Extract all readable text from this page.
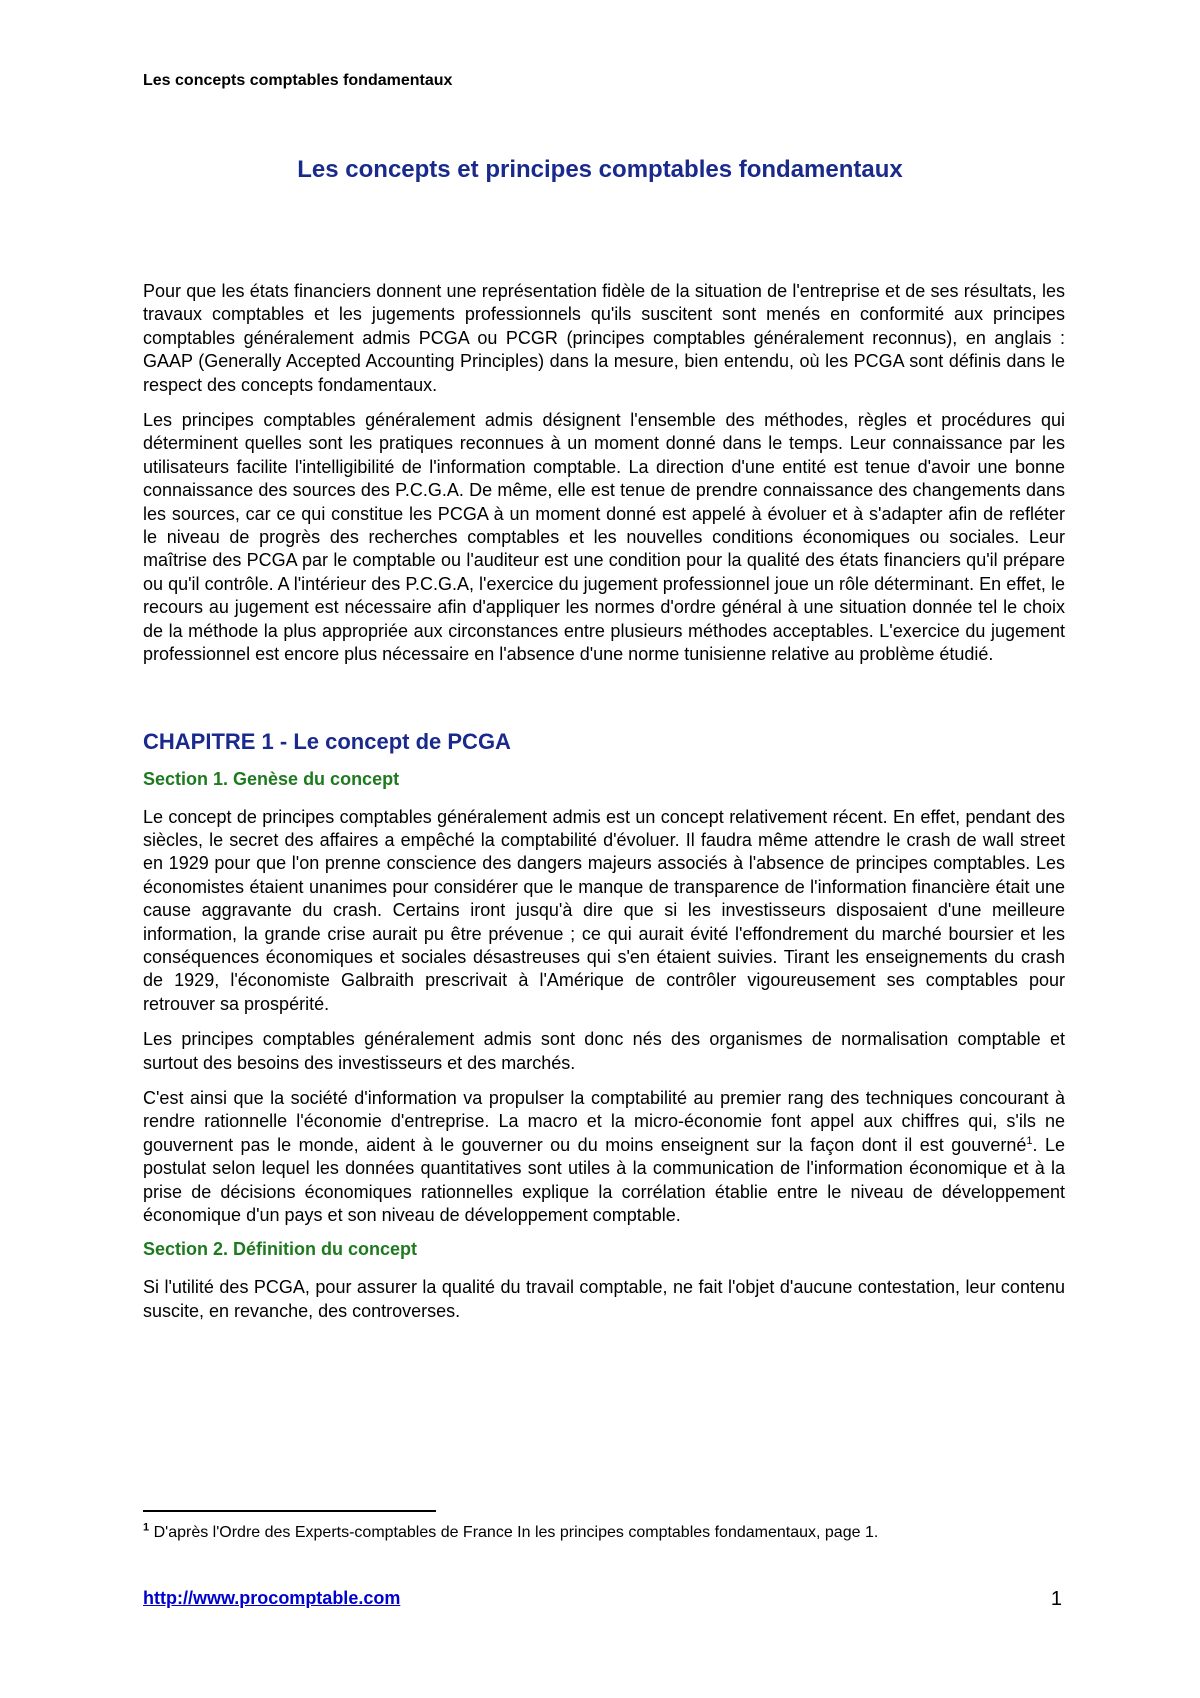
Les concepts comptables fondamentaux
Les concepts et principes comptables fondamentaux

Pour que les états financiers donnent une représentation fidèle de la situation de l'entreprise et de ses résultats, les travaux comptables et les jugements professionnels qu'ils suscitent sont menés en conformité aux principes comptables généralement admis PCGA ou PCGR (principes comptables généralement reconnus), en anglais : GAAP (Generally Accepted Accounting Principles) dans la mesure, bien entendu, où les PCGA sont définis dans le respect des concepts fondamentaux.

Les principes comptables généralement admis désignent l'ensemble des méthodes, règles et procédures qui déterminent quelles sont les pratiques reconnues à un moment donné dans le temps. Leur connaissance par les utilisateurs facilite l'intelligibilité de l'information comptable. La direction d'une entité est tenue d'avoir une bonne connaissance des sources des P.C.G.A. De même, elle est tenue de prendre connaissance des changements dans les sources, car ce qui constitue les PCGA à un moment donné est appelé à évoluer et à s'adapter afin de refléter le niveau de progrès des recherches comptables et les nouvelles conditions économiques ou sociales. Leur maîtrise des PCGA par le comptable ou l'auditeur est une condition pour la qualité des états financiers qu'il prépare ou qu'il contrôle. A l'intérieur des P.C.G.A, l'exercice du jugement professionnel joue un rôle déterminant. En effet, le recours au jugement est nécessaire afin d'appliquer les normes d'ordre général à une situation donnée tel le choix de la méthode la plus appropriée aux circonstances entre plusieurs méthodes acceptables. L'exercice du jugement professionnel est encore plus nécessaire en l'absence d'une norme tunisienne relative au problème étudié.

CHAPITRE 1 - Le concept de PCGA
Section 1. Genèse du concept

Le concept de principes comptables généralement admis est un concept relativement récent. En effet, pendant des siècles, le secret des affaires a empêché la comptabilité d'évoluer. Il faudra même attendre le crash de wall street en 1929 pour que l'on prenne conscience des dangers majeurs associés à l'absence de principes comptables. Les économistes étaient unanimes pour considérer que le manque de transparence de l'information financière était une cause aggravante du crash. Certains iront jusqu'à dire que si les investisseurs disposaient d'une meilleure information, la grande crise aurait pu être prévenue ; ce qui aurait évité l'effondrement du marché boursier et les conséquences économiques et sociales désastreuses qui s'en étaient suivies. Tirant les enseignements du crash de 1929, l'économiste Galbraith prescrivait à l'Amérique de contrôler vigoureusement ses comptables pour retrouver sa prospérité.

Les principes comptables généralement admis sont donc nés des organismes de normalisation comptable et surtout des besoins des investisseurs et des marchés.

C'est ainsi que la société d'information va propulser la comptabilité au premier rang des techniques concourant à rendre rationnelle l'économie d'entreprise. La macro et la micro-économie font appel aux chiffres qui, s'ils ne gouvernent pas le monde, aident à le gouverner ou du moins enseignent sur la façon dont il est gouverné$^1$. Le postulat selon lequel les données quantitatives sont utiles à la communication de l'information économique et à la prise de décisions économiques rationnelles explique la corrélation établie entre le niveau de développement économique d'un pays et son niveau de développement comptable.

Section 2. Définition du concept

Si l'utilité des PCGA, pour assurer la qualité du travail comptable, ne fait l'objet d'aucune contestation, leur contenu suscite, en revanche, des controverses.

$^1$ D'après l'Ordre des Experts-comptables de France In les principes comptables fondamentaux, page 1.
http://www.procomptable.com	1
